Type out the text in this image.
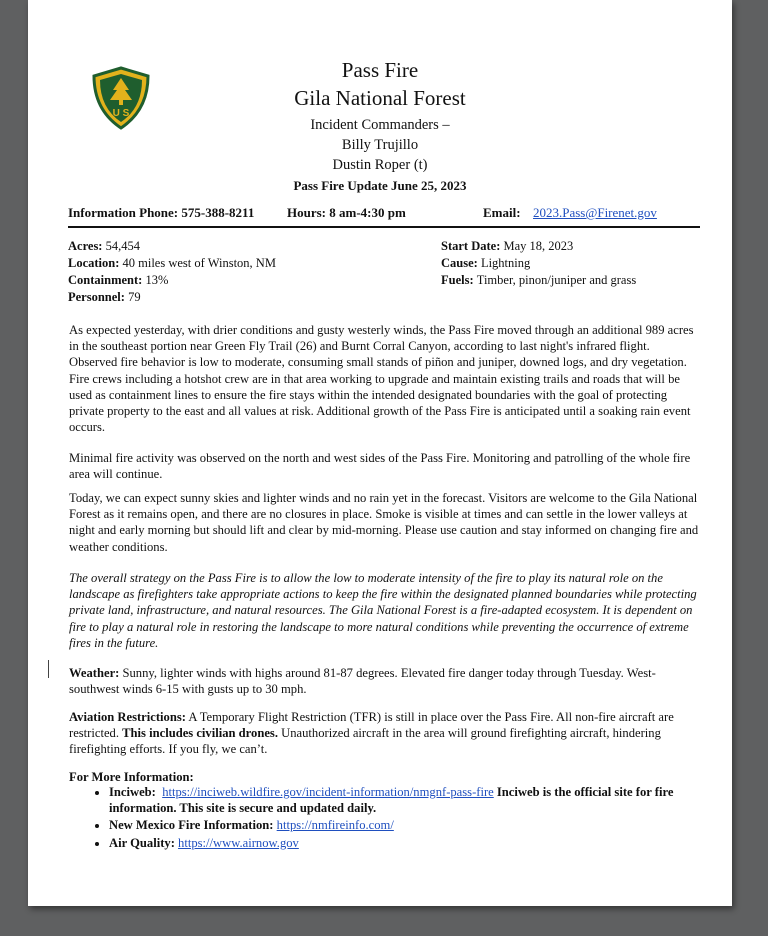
U S
Pass Fire
Gila National Forest
Incident Commanders –
Billy Trujillo
Dustin Roper (t)
Pass Fire Update June 25, 2023
Information Phone: 575-388-8211	Hours: 8 am-4:30 pm	Email: 2023.Pass@Firenet.gov
Acres: 54,454
Location: 40 miles west of Winston, NM
Containment: 13%
Personnel: 79
Start Date: May 18, 2023
Cause: Lightning
Fuels: Timber, pinon/juniper and grass

As expected yesterday, with drier conditions and gusty westerly winds, the Pass Fire moved through an additional 989 acres in the southeast portion near Green Fly Trail (26) and Burnt Corral Canyon, according to last night's infrared flight. Observed fire behavior is low to moderate, consuming small stands of piñon and juniper, downed logs, and dry vegetation. Fire crews including a hotshot crew are in that area working to upgrade and maintain existing trails and roads that will be used as containment lines to ensure the fire stays within the intended designated boundaries with the goal of protecting private property to the east and all values at risk. Additional growth of the Pass Fire is anticipated until a soaking rain event occurs.

Minimal fire activity was observed on the north and west sides of the Pass Fire. Monitoring and patrolling of the whole fire area will continue.

Today, we can expect sunny skies and lighter winds and no rain yet in the forecast. Visitors are welcome to the Gila National Forest as it remains open, and there are no closures in place. Smoke is visible at times and can settle in the lower valleys at night and early morning but should lift and clear by mid-morning. Please use caution and stay informed on changing fire and weather conditions.

The overall strategy on the Pass Fire is to allow the low to moderate intensity of the fire to play its natural role on the landscape as firefighters take appropriate actions to keep the fire within the designated planned boundaries while protecting private land, infrastructure, and natural resources. The Gila National Forest is a fire-adapted ecosystem. It is dependent on fire to play a natural role in restoring the landscape to more natural conditions while preventing the occurrence of extreme fires in the future.

Weather: Sunny, lighter winds with highs around 81-87 degrees. Elevated fire danger today through Tuesday. West-southwest winds 6-15 with gusts up to 30 mph.

Aviation Restrictions: A Temporary Flight Restriction (TFR) is still in place over the Pass Fire. All non-fire aircraft are restricted. This includes civilian drones. Unauthorized aircraft in the area will ground firefighting aircraft, hindering firefighting efforts. If you fly, we can’t.

For More Information:
• Inciweb: https://inciweb.wildfire.gov/incident-information/nmgnf-pass-fire Inciweb is the official site for fire information. This site is secure and updated daily.
• New Mexico Fire Information: https://nmfireinfo.com/
• Air Quality: https://www.airnow.gov
